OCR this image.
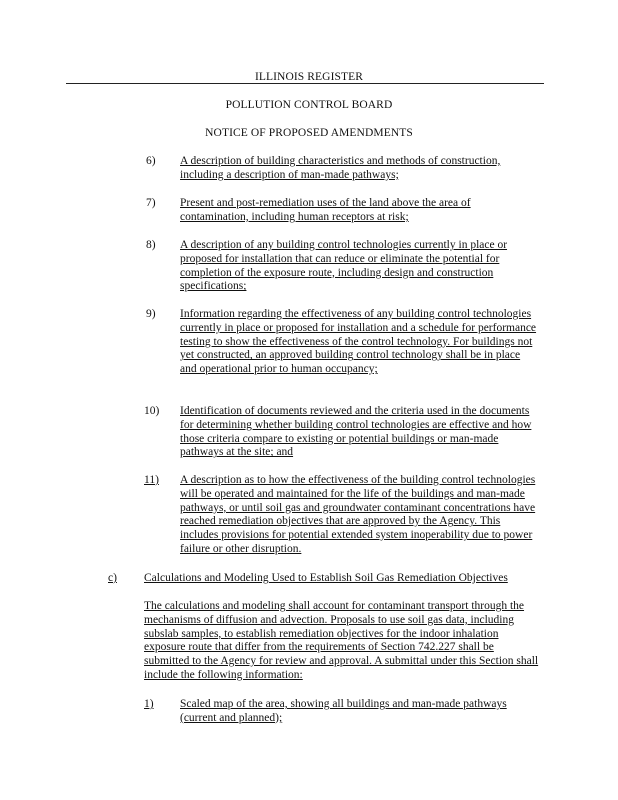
ILLINOIS REGISTER
POLLUTION CONTROL BOARD
NOTICE OF PROPOSED AMENDMENTS
6) A description of building characteristics and methods of construction, including a description of man-made pathways;
7) Present and post-remediation uses of the land above the area of contamination, including human receptors at risk;
8) A description of any building control technologies currently in place or proposed for installation that can reduce or eliminate the potential for completion of the exposure route, including design and construction specifications;
9) Information regarding the effectiveness of any building control technologies currently in place or proposed for installation and a schedule for performance testing to show the effectiveness of the control technology. For buildings not yet constructed, an approved building control technology shall be in place and operational prior to human occupancy;
10) Identification of documents reviewed and the criteria used in the documents for determining whether building control technologies are effective and how those criteria compare to existing or potential buildings or man-made pathways at the site; and
11) A description as to how the effectiveness of the building control technologies will be operated and maintained for the life of the buildings and man-made pathways, or until soil gas and groundwater contaminant concentrations have reached remediation objectives that are approved by the Agency. This includes provisions for potential extended system inoperability due to power failure or other disruption.
c) Calculations and Modeling Used to Establish Soil Gas Remediation Objectives
The calculations and modeling shall account for contaminant transport through the mechanisms of diffusion and advection. Proposals to use soil gas data, including subslab samples, to establish remediation objectives for the indoor inhalation exposure route that differ from the requirements of Section 742.227 shall be submitted to the Agency for review and approval. A submittal under this Section shall include the following information:
1) Scaled map of the area, showing all buildings and man-made pathways (current and planned);
